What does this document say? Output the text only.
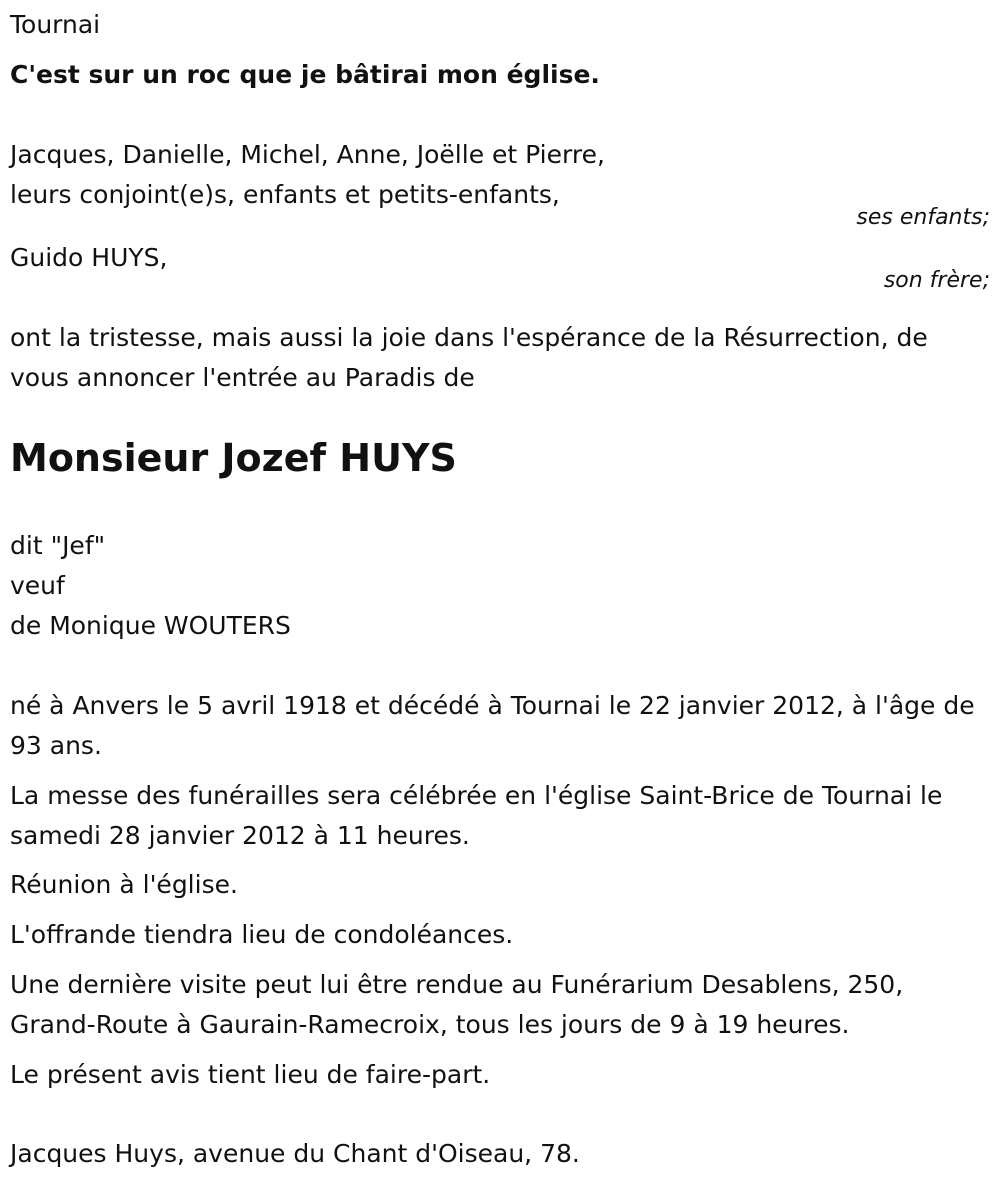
Tournai
C'est sur un roc que je bâtirai mon église.
Jacques, Danielle, Michel, Anne, Joëlle et Pierre,
leurs conjoint(e)s, enfants et petits-enfants,
ses enfants;
Guido HUYS,
son frère;
ont la tristesse, mais aussi la joie dans l'espérance de la Résurrection, de vous annoncer l'entrée au Paradis de
Monsieur Jozef HUYS
dit "Jef"
veuf
de Monique WOUTERS
né à Anvers le 5 avril 1918 et décédé à Tournai le 22 janvier 2012, à l'âge de 93 ans.
La messe des funérailles sera célébrée en l'église Saint-Brice de Tournai le samedi 28 janvier 2012 à 11 heures.
Réunion à l'église.
L'offrande tiendra lieu de condoléances.
Une dernière visite peut lui être rendue au Funérarium Desablens, 250, Grand-Route à Gaurain-Ramecroix, tous les jours de 9 à 19 heures.
Le présent avis tient lieu de faire-part.
Jacques Huys, avenue du Chant d'Oiseau, 78.
